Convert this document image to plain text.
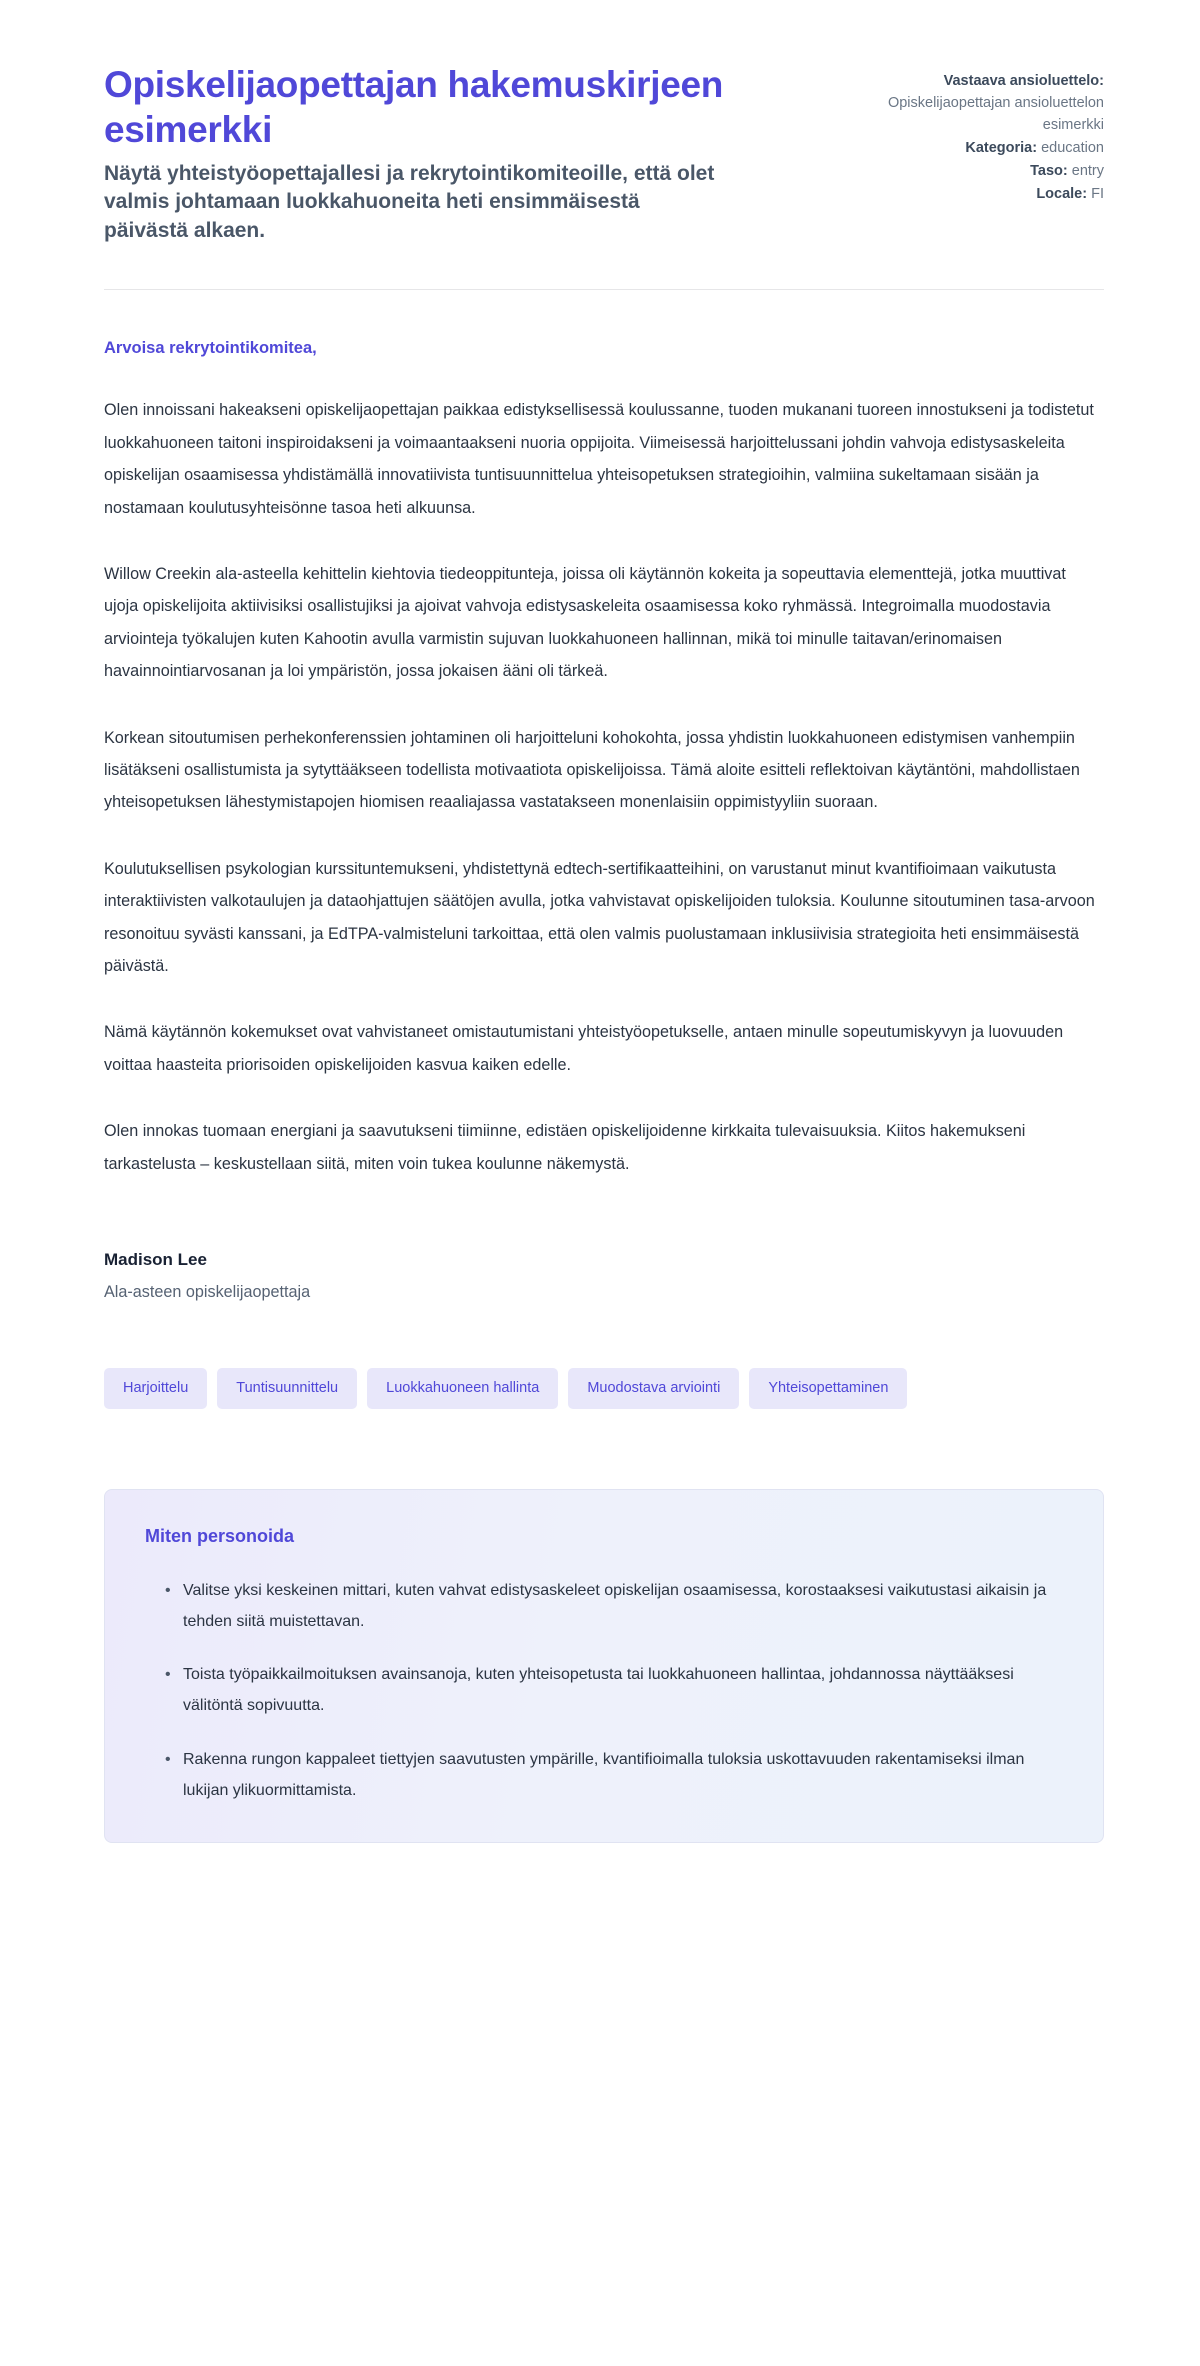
Opiskelijaopettajan hakemuskirjeen esimerkki

Näytä yhteistyöopettajallesi ja rekrytointikomiteoille, että olet valmis johtamaan luokkahuoneita heti ensimmäisestä päivästä alkaen.

Vastaava ansioluettelo:
Opiskelijaopettajan ansioluettelon esimerkki
Kategoria: education
Taso: entry
Locale: FI

Arvoisa rekrytointikomitea,

Olen innoissani hakeakseni opiskelijaopettajan paikkaa edistyksellisessä koulussanne, tuoden mukanani tuoreen innostukseni ja todistetut luokkahuoneen taitoni inspiroidakseni ja voimaantaakseni nuoria oppijoita. Viimeisessä harjoittelussani johdin vahvoja edistysaskeleita opiskelijan osaamisessa yhdistämällä innovatiivista tuntisuunnittelua yhteisopetuksen strategioihin, valmiina sukeltamaan sisään ja nostamaan koulutusyhteisönne tasoa heti alkuunsa.

Willow Creekin ala-asteella kehittelin kiehtovia tiedeoppitunteja, joissa oli käytännön kokeita ja sopeuttavia elementtejä, jotka muuttivat ujoja opiskelijoita aktiivisiksi osallistujiksi ja ajoivat vahvoja edistysaskeleita osaamisessa koko ryhmässä. Integroimalla muodostavia arviointeja työkalujen kuten Kahootin avulla varmistin sujuvan luokkahuoneen hallinnan, mikä toi minulle taitavan/erinomaisen havainnointiarvosanan ja loi ympäristön, jossa jokaisen ääni oli tärkeä.

Korkean sitoutumisen perhekonferenssien johtaminen oli harjoitteluni kohokohta, jossa yhdistin luokkahuoneen edistymisen vanhempiin lisätäkseni osallistumista ja sytyttääkseen todellista motivaatiota opiskelijoissa. Tämä aloite esitteli reflektoivan käytäntöni, mahdollistaen yhteisopetuksen lähestymistapojen hiomisen reaaliajassa vastatakseen monenlaisiin oppimistyyliin suoraan.

Koulutuksellisen psykologian kurssituntemukseni, yhdistettynä edtech-sertifikaatteihini, on varustanut minut kvantifioimaan vaikutusta interaktiivisten valkotaulujen ja dataohjattujen säätöjen avulla, jotka vahvistavat opiskelijoiden tuloksia. Koulunne sitoutuminen tasa-arvoon resonoituu syvästi kanssani, ja EdTPA-valmisteluni tarkoittaa, että olen valmis puolustamaan inklusiivisia strategioita heti ensimmäisestä päivästä.

Nämä käytännön kokemukset ovat vahvistaneet omistautumistani yhteistyöopetukselle, antaen minulle sopeutumiskyvyn ja luovuuden voittaa haasteita priorisoiden opiskelijoiden kasvua kaiken edelle.

Olen innokas tuomaan energiani ja saavutukseni tiimiinne, edistäen opiskelijoidenne kirkkaita tulevaisuuksia. Kiitos hakemukseni tarkastelusta – keskustellaan siitä, miten voin tukea koulunne näkemystä.

Madison Lee

Ala-asteen opiskelijaopettaja

Harjoittelu	Tuntisuunnittelu	Luokkahuoneen hallinta	Muodostava arviointi	Yhteisopettaminen
Miten personoida
• Valitse yksi keskeinen mittari, kuten vahvat edistysaskeleet opiskelijan osaamisessa, korostaaksesi vaikutustasi aikaisin ja tehden siitä muistettavan.
• Toista työpaikkailmoituksen avainsanoja, kuten yhteisopetusta tai luokkahuoneen hallintaa, johdannossa näyttääksesi välitöntä sopivuutta.
• Rakenna rungon kappaleet tiettyjen saavutusten ympärille, kvantifioimalla tuloksia uskottavuuden rakentamiseksi ilman lukijan ylikuormittamista.
